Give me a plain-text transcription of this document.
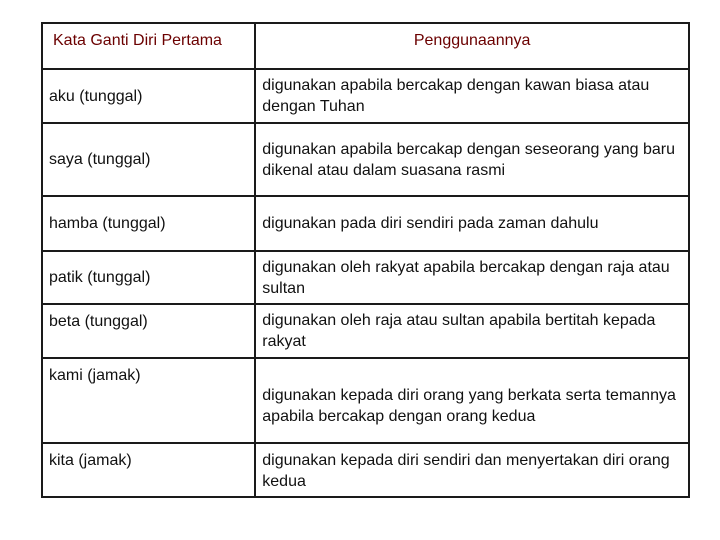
Kata Ganti Diri Pertama	Penggunaannya
aku (tunggal)	digunakan apabila bercakap dengan kawan biasa atau dengan Tuhan
saya (tunggal)	digunakan apabila bercakap dengan seseorang yang baru dikenal atau dalam suasana rasmi
hamba (tunggal)	digunakan pada diri sendiri pada zaman dahulu
patik (tunggal)	digunakan oleh rakyat apabila bercakap dengan raja atau sultan
beta (tunggal)	digunakan oleh raja atau sultan apabila bertitah kepada rakyat
kami (jamak)	digunakan kepada diri orang yang berkata serta temannya apabila bercakap dengan orang kedua
kita (jamak)	digunakan kepada diri sendiri dan menyertakan diri orang kedua
